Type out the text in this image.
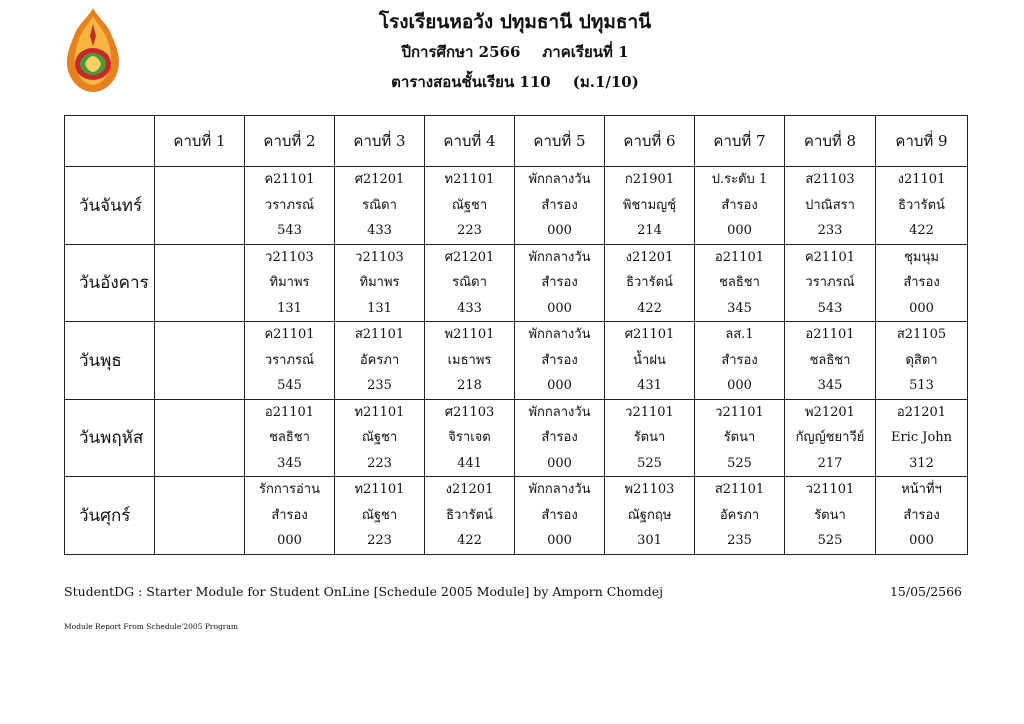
โรงเรียนหอวัง ปทุมธานี ปทุมธานี
ปีการศึกษา 2566 ภาคเรียนที่ 1
ตารางสอนชั้นเรียน 110 (ม.1/10)
	คาบที่ 1	คาบที่ 2	คาบที่ 3	คาบที่ 4	คาบที่ 5	คาบที่ 6	คาบที่ 7	คาบที่ 8	คาบที่ 9
วันจันทร์		ค21101
วราภรณ์
543	ศ21201
รณิดา
433	ท21101
ณัฐชา
223	พักกลางวัน
สำรอง
000	ก21901
พิชามญชุ์
214	ป.ระดับ 1
สำรอง
000	ส21103
ปาณิสรา
233	ง21101
ธิวารัตน์
422

วันอังคาร		ว21103
ทิมาพร
131	ว21103
ทิมาพร
131	ศ21201
รณิดา
433	พักกลางวัน
สำรอง
000	ง21201
ธิวารัตน์
422	อ21101
ชลธิชา
345	ค21101
วราภรณ์
543	ชุมนุม
สำรอง
000

วันพุธ		ค21101
วราภรณ์
545	ส21101
อัครภา
235	พ21101
เมธาพร
218	พักกลางวัน
สำรอง
000	ศ21101
น้ำฝน
431	ลส.1
สำรอง
000	อ21101
ชลธิชา
345	ส21105
ดุสิตา
513

วันพฤหัส		อ21101
ชลธิชา
345	ท21101
ณัฐชา
223	ศ21103
จิราเจต
441	พักกลางวัน
สำรอง
000	ว21101
รัตนา
525	ว21101
รัตนา
525	พ21201
กัญญ์ชยาวีย์
217	อ21201
Eric John
312

วันศุกร์		รักการอ่าน
สำรอง
000	ท21101
ณัฐชา
223	ง21201
ธิวารัตน์
422	พักกลางวัน
สำรอง
000	พ21103
ณัฐกฤษ
301	ส21101
อัครภา
235	ว21101
รัตนา
525	หน้าที่ฯ
สำรอง
000
StudentDG : Starter Module for Student OnLine [Schedule 2005 Module] by Amporn Chomdej	15/05/2566
Module Report From Schedule'2005 Program
